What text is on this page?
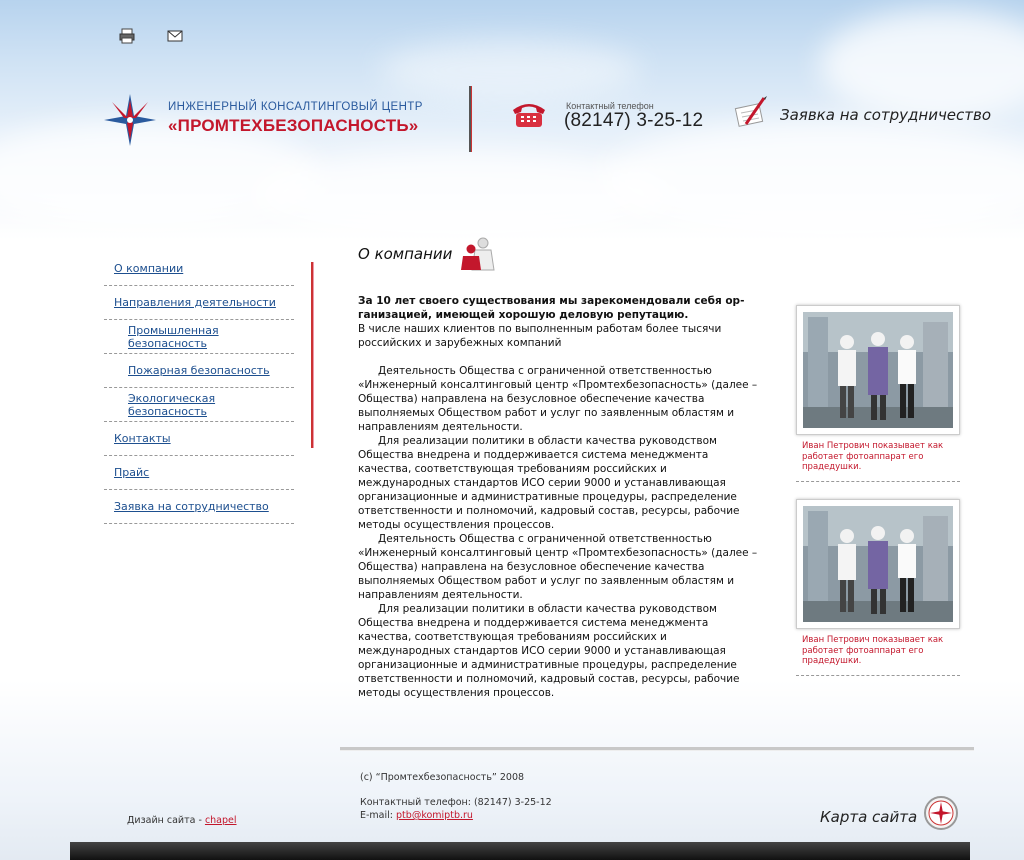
ИНЖЕНЕРНЫЙ КОНСАЛТИНГОВЫЙ ЦЕНТР
«ПРОМТЕХБЕЗОПАСНОСТЬ»
Контактный телефон
(82147) 3-25-12	Заявка на сотрудничество
О компании
Направления деятельности
Промышленная безопасность
Пожарная безопасность
Экологическая безопасность
Контакты
Прайс
Заявка на сотрудничество
О компании
За 10 лет своего существования мы зарекомендовали себя ор-ганизацией, имеющей хорошую деловую репутацию.
В числе наших клиентов по выполненным работам более тысячи российских и зарубежных компаний

Деятельность Общества с ограниченной ответственностью «Инженерный консалтинговый центр «Промтехбезопасность» (далее – Общества) направлена на безусловное обеспечение качества выполняемых Обществом работ и услуг по заявленным областям и направлениям деятельности.

Для реализации политики в области качества руководством Общества внедрена и поддерживается система менеджмента качества, соответствующая требованиям российских и международных стандартов ИСО серии 9000 и устанавливающая организационные и административные процедуры, распределение ответственности и полномочий, кадровый состав, ресурсы, рабочие методы осуществления процессов.

Деятельность Общества с ограниченной ответственностью «Инженерный консалтинговый центр «Промтехбезопасность» (далее – Общества) направлена на безусловное обеспечение качества выполняемых Обществом работ и услуг по заявленным областям и направлениям деятельности.

Для реализации политики в области качества руководством Общества внедрена и поддерживается система менеджмента качества, соответствующая требованиям российских и международных стандартов ИСО серии 9000 и устанавливающая организационные и административные процедуры, распределение ответственности и полномочий, кадровый состав, ресурсы, рабочие методы осуществления процессов.

Иван Петрович показывает как работает фотоаппарат его прадедушки.
Иван Петрович показывает как работает фотоаппарат его прадедушки.
(с) “Промтехбезопасность” 2008
Контактный телефон: (82147) 3-25-12
E-mail: ptb@komiptb.ru
Дизайн сайта - chapel	Карта сайта
